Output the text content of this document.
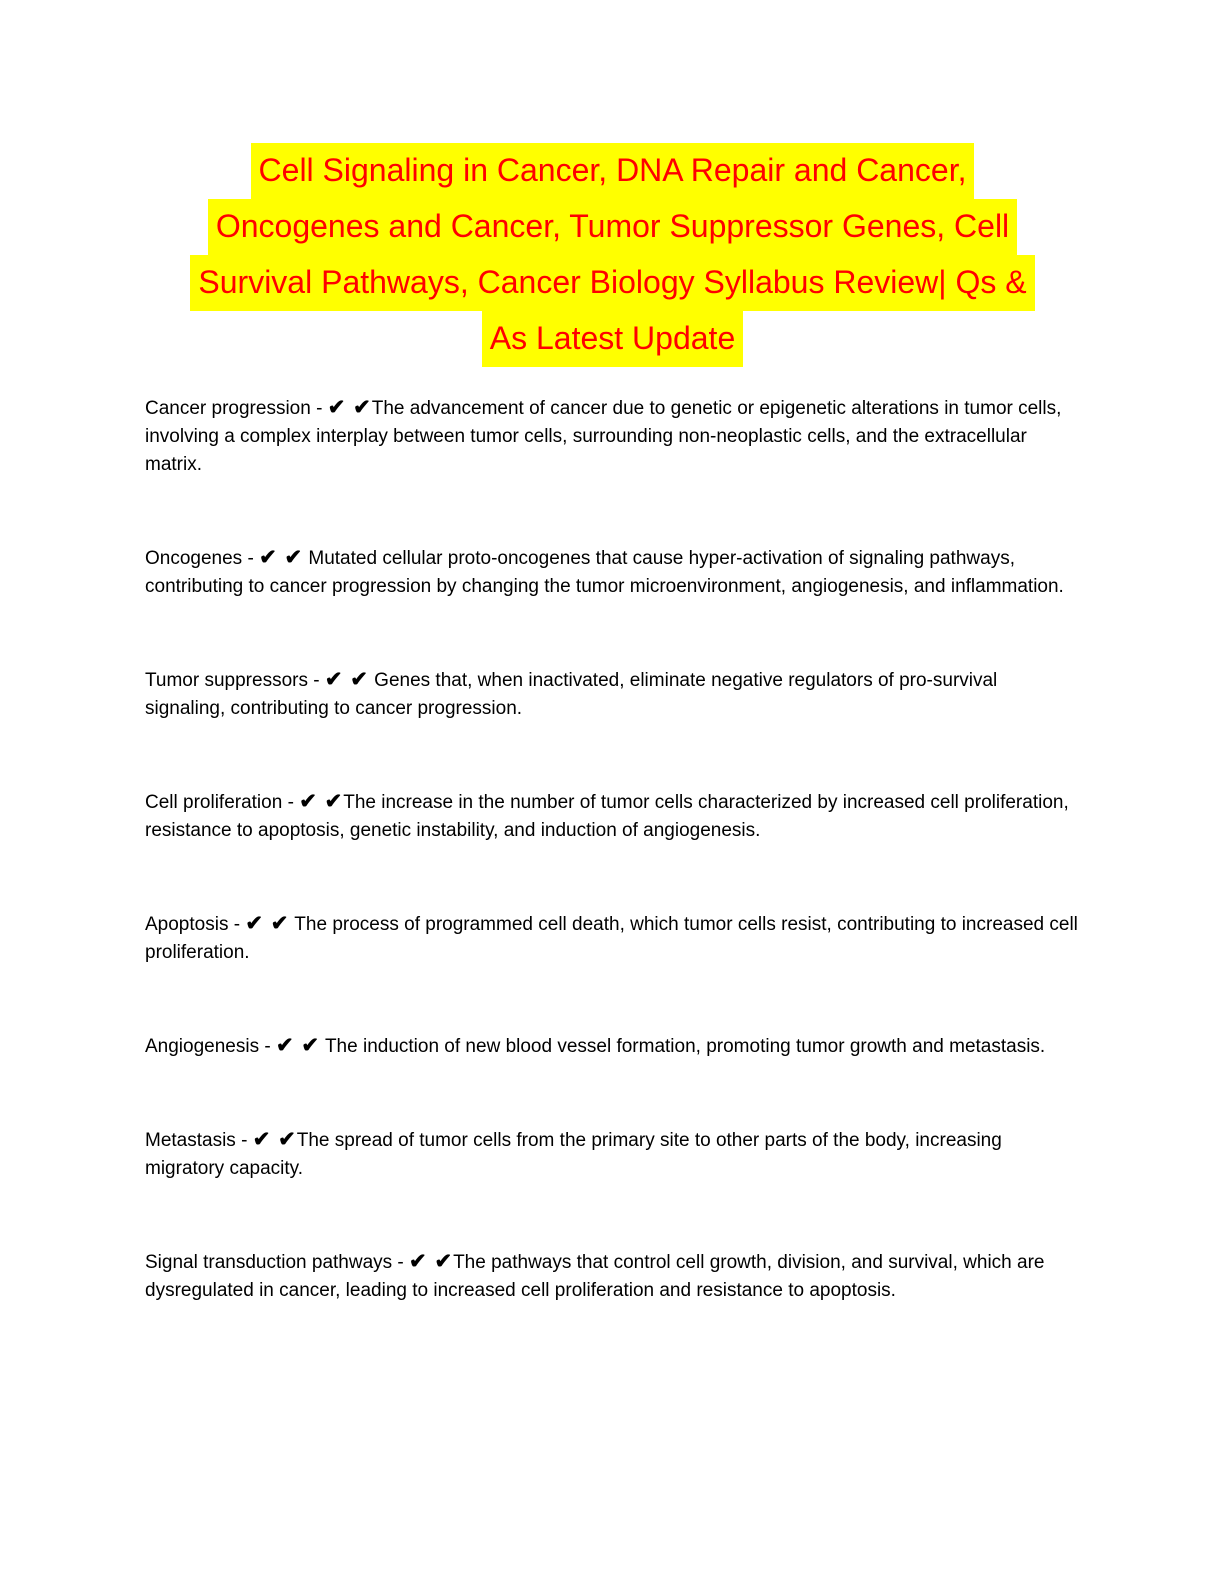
Cell Signaling in Cancer, DNA Repair and Cancer,
Oncogenes and Cancer, Tumor Suppressor Genes, Cell
Survival Pathways, Cancer Biology Syllabus Review| Qs &
As Latest Update

Cancer progression - ✔ ✔The advancement of cancer due to genetic or epigenetic alterations in tumor cells, involving a complex interplay between tumor cells, surrounding non-neoplastic cells, and the extracellular matrix.

Oncogenes - ✔ ✔ Mutated cellular proto-oncogenes that cause hyper-activation of signaling pathways, contributing to cancer progression by changing the tumor microenvironment, angiogenesis, and inflammation.

Tumor suppressors - ✔ ✔ Genes that, when inactivated, eliminate negative regulators of pro-survival signaling, contributing to cancer progression.

Cell proliferation - ✔ ✔The increase in the number of tumor cells characterized by increased cell proliferation, resistance to apoptosis, genetic instability, and induction of angiogenesis.

Apoptosis - ✔ ✔ The process of programmed cell death, which tumor cells resist, contributing to increased cell proliferation.

Angiogenesis - ✔ ✔ The induction of new blood vessel formation, promoting tumor growth and metastasis.

Metastasis - ✔ ✔The spread of tumor cells from the primary site to other parts of the body, increasing migratory capacity.

Signal transduction pathways - ✔ ✔The pathways that control cell growth, division, and survival, which are dysregulated in cancer, leading to increased cell proliferation and resistance to apoptosis.
